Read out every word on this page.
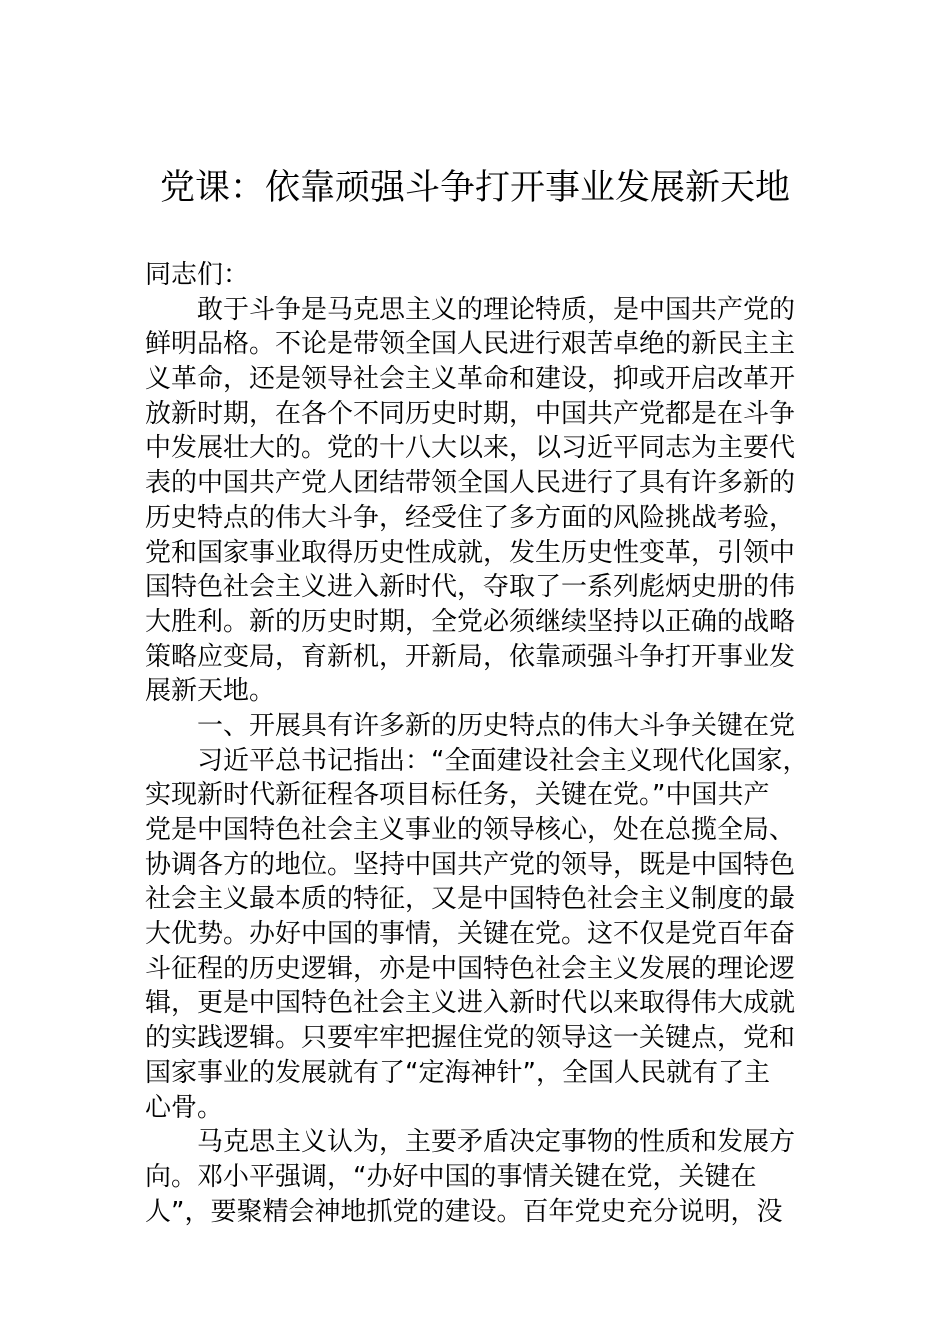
党课：依靠顽强斗争打开事业发展新天地
同志们：
敢于斗争是马克思主义的理论特质，是中国共产党的
鲜明品格。不论是带领全国人民进行艰苦卓绝的新民主主
义革命，还是领导社会主义革命和建设，抑或开启改革开
放新时期，在各个不同历史时期，中国共产党都是在斗争
中发展壮大的。党的十八大以来，以习近平同志为主要代
表的中国共产党人团结带领全国人民进行了具有许多新的
历史特点的伟大斗争，经受住了多方面的风险挑战考验，
党和国家事业取得历史性成就，发生历史性变革，引领中
国特色社会主义进入新时代，夺取了一系列彪炳史册的伟
大胜利。新的历史时期，全党必须继续坚持以正确的战略
策略应变局，育新机，开新局，依靠顽强斗争打开事业发
展新天地。
一、开展具有许多新的历史特点的伟大斗争关键在党
习近平总书记指出：“全面建设社会主义现代化国家，
实现新时代新征程各项目标任务，关键在党。”中国共产
党是中国特色社会主义事业的领导核心，处在总揽全局、
协调各方的地位。坚持中国共产党的领导，既是中国特色
社会主义最本质的特征，又是中国特色社会主义制度的最
大优势。办好中国的事情，关键在党。这不仅是党百年奋
斗征程的历史逻辑，亦是中国特色社会主义发展的理论逻
辑，更是中国特色社会主义进入新时代以来取得伟大成就
的实践逻辑。只要牢牢把握住党的领导这一关键点，党和
国家事业的发展就有了“定海神针”，全国人民就有了主
心骨。
马克思主义认为，主要矛盾决定事物的性质和发展方
向。邓小平强调，“办好中国的事情关键在党，关键在
人”，要聚精会神地抓党的建设。百年党史充分说明，没
